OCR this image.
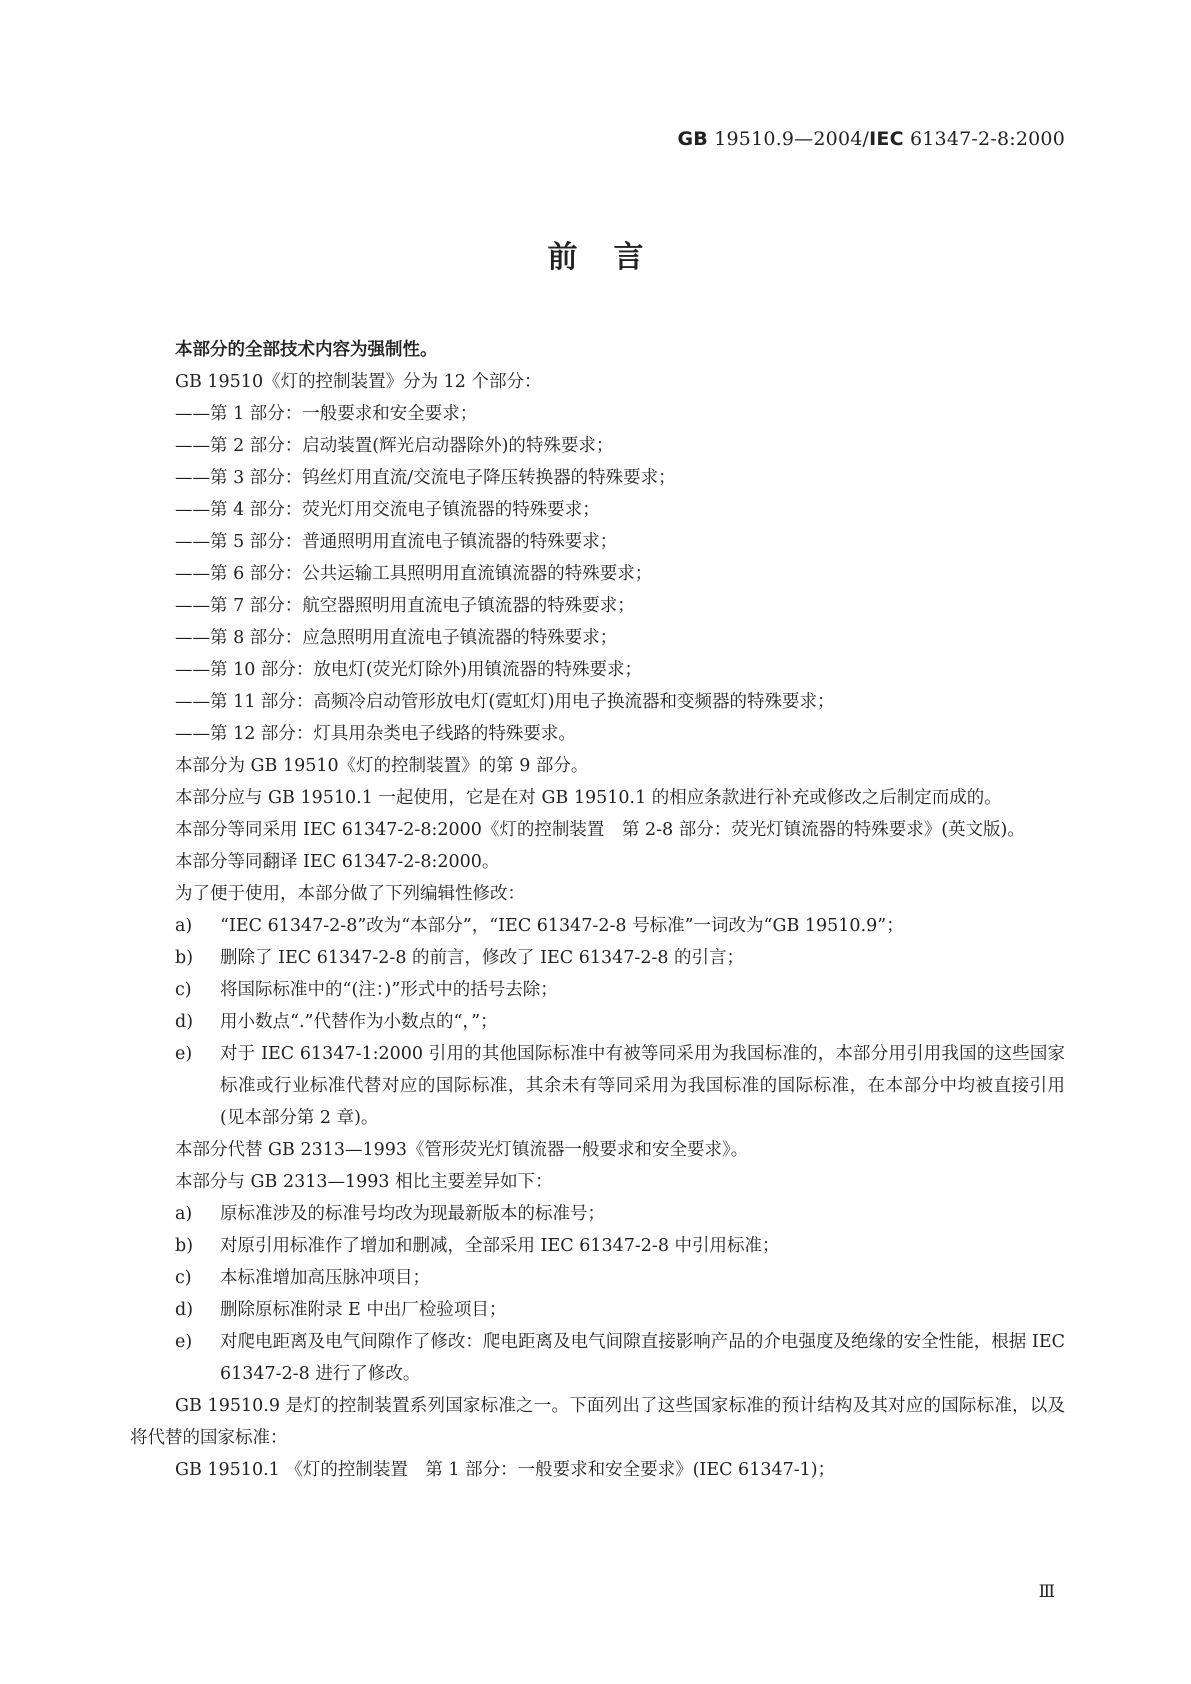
GB 19510.9—2004/IEC 61347-2-8:2000
前言
本部分的全部技术内容为强制性。
GB 19510《灯的控制装置》分为 12 个部分：
——第 1 部分：一般要求和安全要求；
——第 2 部分：启动装置(辉光启动器除外)的特殊要求；
——第 3 部分：钨丝灯用直流/交流电子降压转换器的特殊要求；
——第 4 部分：荧光灯用交流电子镇流器的特殊要求；
——第 5 部分：普通照明用直流电子镇流器的特殊要求；
——第 6 部分：公共运输工具照明用直流镇流器的特殊要求；
——第 7 部分：航空器照明用直流电子镇流器的特殊要求；
——第 8 部分：应急照明用直流电子镇流器的特殊要求；
——第 10 部分：放电灯(荧光灯除外)用镇流器的特殊要求；
——第 11 部分：高频冷启动管形放电灯(霓虹灯)用电子换流器和变频器的特殊要求；
——第 12 部分：灯具用杂类电子线路的特殊要求。
本部分为 GB 19510《灯的控制装置》的第 9 部分。
本部分应与 GB 19510.1 一起使用，它是在对 GB 19510.1 的相应条款进行补充或修改之后制定而成的。
本部分等同采用 IEC 61347-2-8:2000《灯的控制装置　第 2-8 部分：荧光灯镇流器的特殊要求》(英文版)。
本部分等同翻译 IEC 61347-2-8:2000。
为了便于使用，本部分做了下列编辑性修改：
a) “IEC 61347-2-8”改为“本部分”，“IEC 61347-2-8 号标准”一词改为“GB 19510.9”；
b) 删除了 IEC 61347-2-8 的前言，修改了 IEC 61347-2-8 的引言；
c) 将国际标准中的“(注：)”形式中的括号去除；
d) 用小数点“.”代替作为小数点的“，”；
e) 对于 IEC 61347-1:2000 引用的其他国际标准中有被等同采用为我国标准的，本部分用引用我国的这些国家标准或行业标准代替对应的国际标准，其余未有等同采用为我国标准的国际标准，在本部分中均被直接引用(见本部分第 2 章)。
本部分代替 GB 2313—1993《管形荧光灯镇流器一般要求和安全要求》。
本部分与 GB 2313—1993 相比主要差异如下：
a) 原标准涉及的标准号均改为现最新版本的标准号；
b) 对原引用标准作了增加和删减，全部采用 IEC 61347-2-8 中引用标准；
c) 本标准增加高压脉冲项目；
d) 删除原标准附录 E 中出厂检验项目；
e) 对爬电距离及电气间隙作了修改：爬电距离及电气间隙直接影响产品的介电强度及绝缘的安全性能，根据 IEC 61347-2-8 进行了修改。
GB 19510.9 是灯的控制装置系列国家标准之一。下面列出了这些国家标准的预计结构及其对应的国际标准，以及将代替的国家标准：
GB 19510.1 《灯的控制装置　第 1 部分：一般要求和安全要求》(IEC 61347-1)；
Ⅲ
